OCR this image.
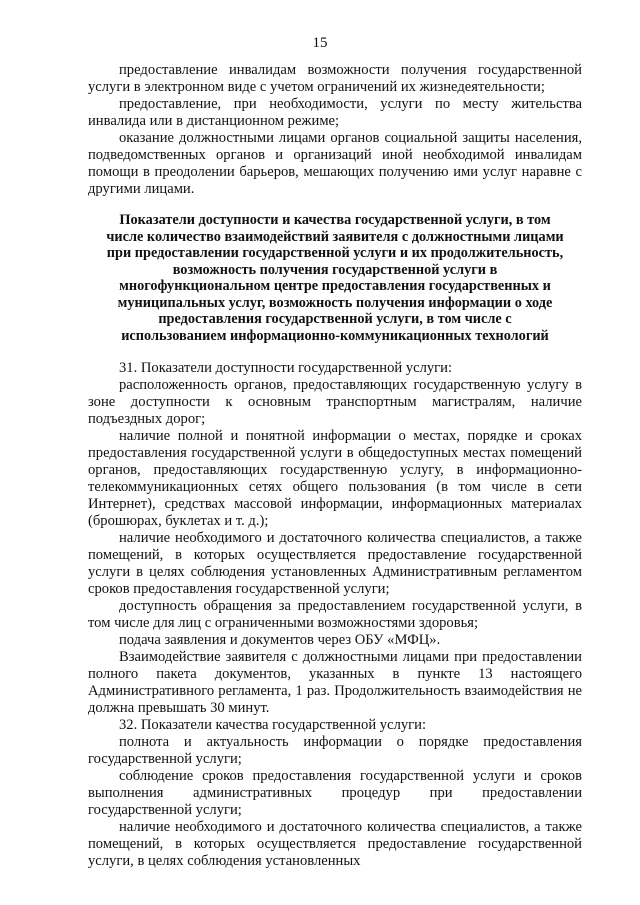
15

предоставление инвалидам возможности получения государственной услуги в электронном виде с учетом ограничений их жизнедеятельности;

предоставление, при необходимости, услуги по месту жительства инвалида или в дистанционном режиме;

оказание должностными лицами органов социальной защиты населения, подведомственных органов и организаций иной необходимой инвалидам помощи в преодолении барьеров, мешающих получению ими услуг наравне с другими лицами.

Показатели доступности и качества государственной услуги, в том
числе количество взаимодействий заявителя с должностными лицами
при предоставлении государственной услуги и их продолжительность,
возможность получения государственной услуги в
многофункциональном центре предоставления государственных и
муниципальных услуг, возможность получения информации о ходе
предоставления государственной услуги, в том числе с
использованием информационно-коммуникационных технологий

31. Показатели доступности государственной услуги:

расположенность органов, предоставляющих государственную услугу в зоне доступности к основным транспортным магистралям, наличие подъездных дорог;

наличие полной и понятной информации о местах, порядке и сроках предоставления государственной услуги в общедоступных местах помещений органов, предоставляющих государственную услугу, в информационно-телекоммуникационных сетях общего пользования (в том числе в сети Интернет), средствах массовой информации, информационных материалах (брошюрах, буклетах и т. д.);

наличие необходимого и достаточного количества специалистов, а также помещений, в которых осуществляется предоставление государственной услуги в целях соблюдения установленных Административным регламентом сроков предоставления государственной услуги;

доступность обращения за предоставлением государственной услуги, в том числе для лиц с ограниченными возможностями здоровья;

подача заявления и документов через ОБУ «МФЦ».

Взаимодействие заявителя с должностными лицами при предоставлении полного пакета документов, указанных в пункте 13 настоящего Административного регламента, 1 раз. Продолжительность взаимодействия не должна превышать 30 минут.

32. Показатели качества государственной услуги:

полнота и актуальность информации о порядке предоставления государственной услуги;

соблюдение сроков предоставления государственной услуги и сроков выполнения административных процедур при предоставлении государственной услуги;

наличие необходимого и достаточного количества специалистов, а также помещений, в которых осуществляется предоставление государственной услуги, в целях соблюдения установленных
